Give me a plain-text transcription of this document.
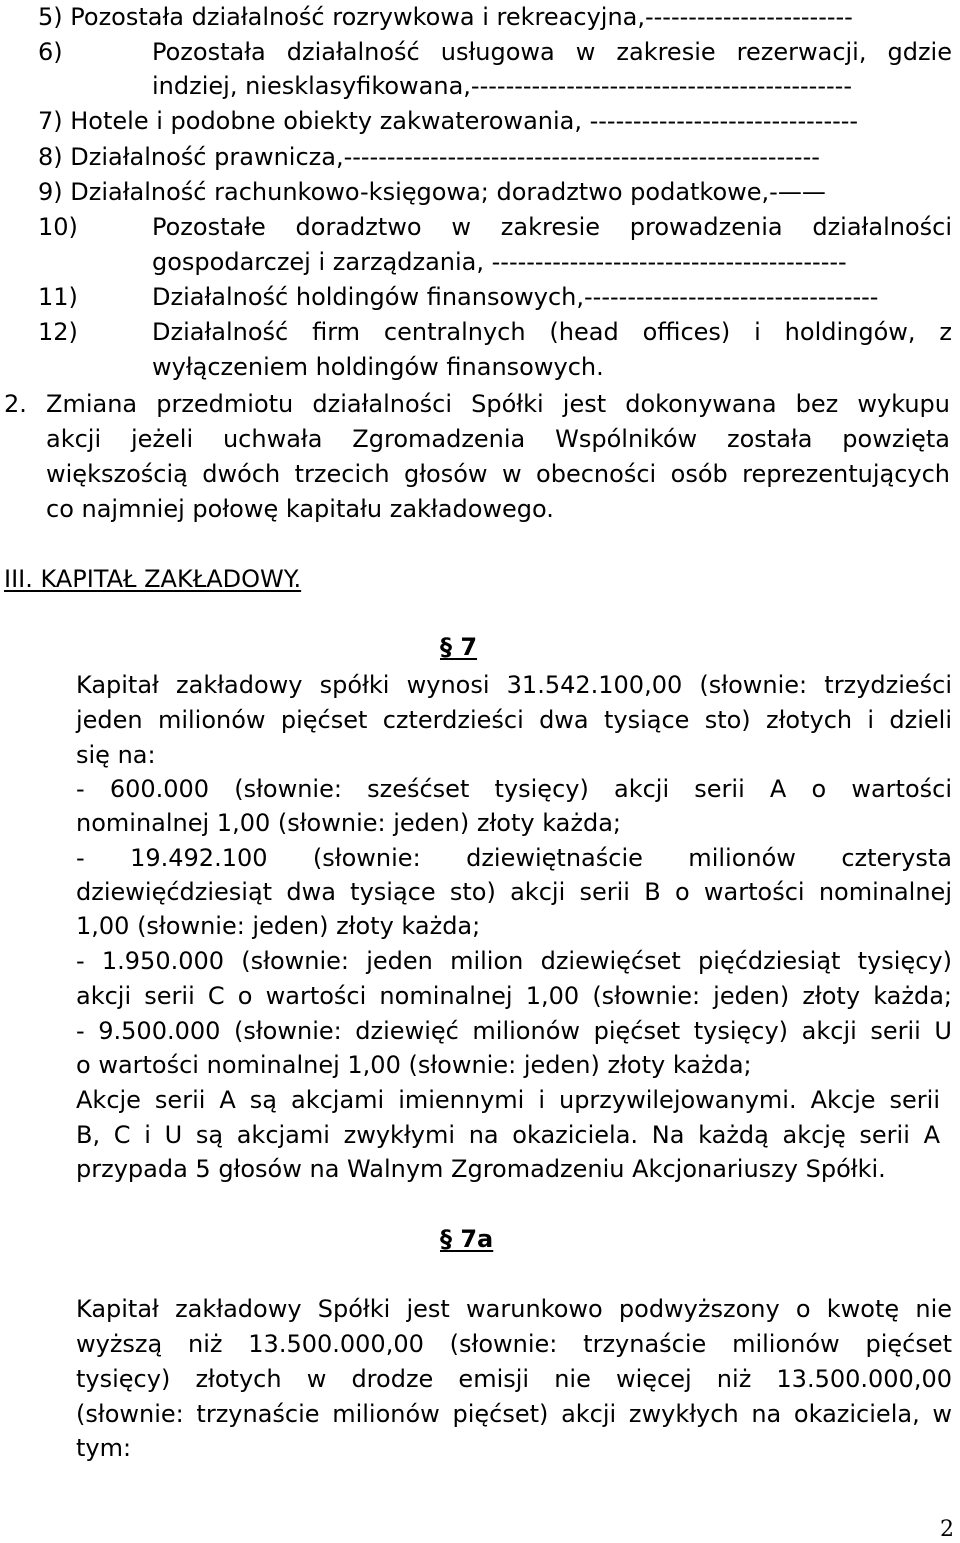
5) Pozostała działalność rozrywkowa i rekreacyjna,------------------------
6)	Pozostała działalność usługowa w zakresie rezerwacji, gdzie
indziej, niesklasyfikowana,--------------------------------------------
7) Hotele i podobne obiekty zakwaterowania, -------------------------------
8) Działalność prawnicza,-------------------------------------------------------
9) Działalność rachunkowo-księgowa; doradztwo podatkowe,-——
10)	Pozostałe doradztwo w zakresie prowadzenia działalności
gospodarczej i zarządzania, -----------------------------------------
11)	Działalność holdingów finansowych,----------------------------------
12)	Działalność firm centralnych (head offices) i holdingów, z
wyłączeniem holdingów finansowych.
2. Zmiana przedmiotu działalności Spółki jest dokonywana bez wykupu
akcji jeżeli uchwała Zgromadzenia Wspólników została powzięta
większością dwóch trzecich głosów w obecności osób reprezentujących
co najmniej połowę kapitału zakładowego.
III. KAPITAŁ ZAKŁADOWY.
§ 7
Kapitał zakładowy spółki wynosi 31.542.100,00 (słownie: trzydzieści
jeden milionów pięćset czterdzieści dwa tysiące sto) złotych i dzieli
się na:
- 600.000 (słownie: sześćset tysięcy) akcji serii A o wartości
nominalnej 1,00 (słownie: jeden) złoty każda;
- 19.492.100 (słownie: dziewiętnaście milionów czterysta
dziewięćdziesiąt dwa tysiące sto) akcji serii B o wartości nominalnej
1,00 (słownie: jeden) złoty każda;
- 1.950.000 (słownie: jeden milion dziewięćset pięćdziesiąt tysięcy)
akcji serii C o wartości nominalnej 1,00 (słownie: jeden) złoty każda;
- 9.500.000 (słownie: dziewięć milionów pięćset tysięcy) akcji serii U
o wartości nominalnej 1,00 (słownie: jeden) złoty każda;
Akcje serii A są akcjami imiennymi i uprzywilejowanymi. Akcje serii
B, C i U są akcjami zwykłymi na okaziciela. Na każdą akcję serii A
przypada 5 głosów na Walnym Zgromadzeniu Akcjonariuszy Spółki.
§ 7a
Kapitał zakładowy Spółki jest warunkowo podwyższony o kwotę nie
wyższą niż 13.500.000,00 (słownie: trzynaście milionów pięćset
tysięcy) złotych w drodze emisji nie więcej niż 13.500.000,00
(słownie: trzynaście milionów pięćset) akcji zwykłych na okaziciela, w
tym:
2
